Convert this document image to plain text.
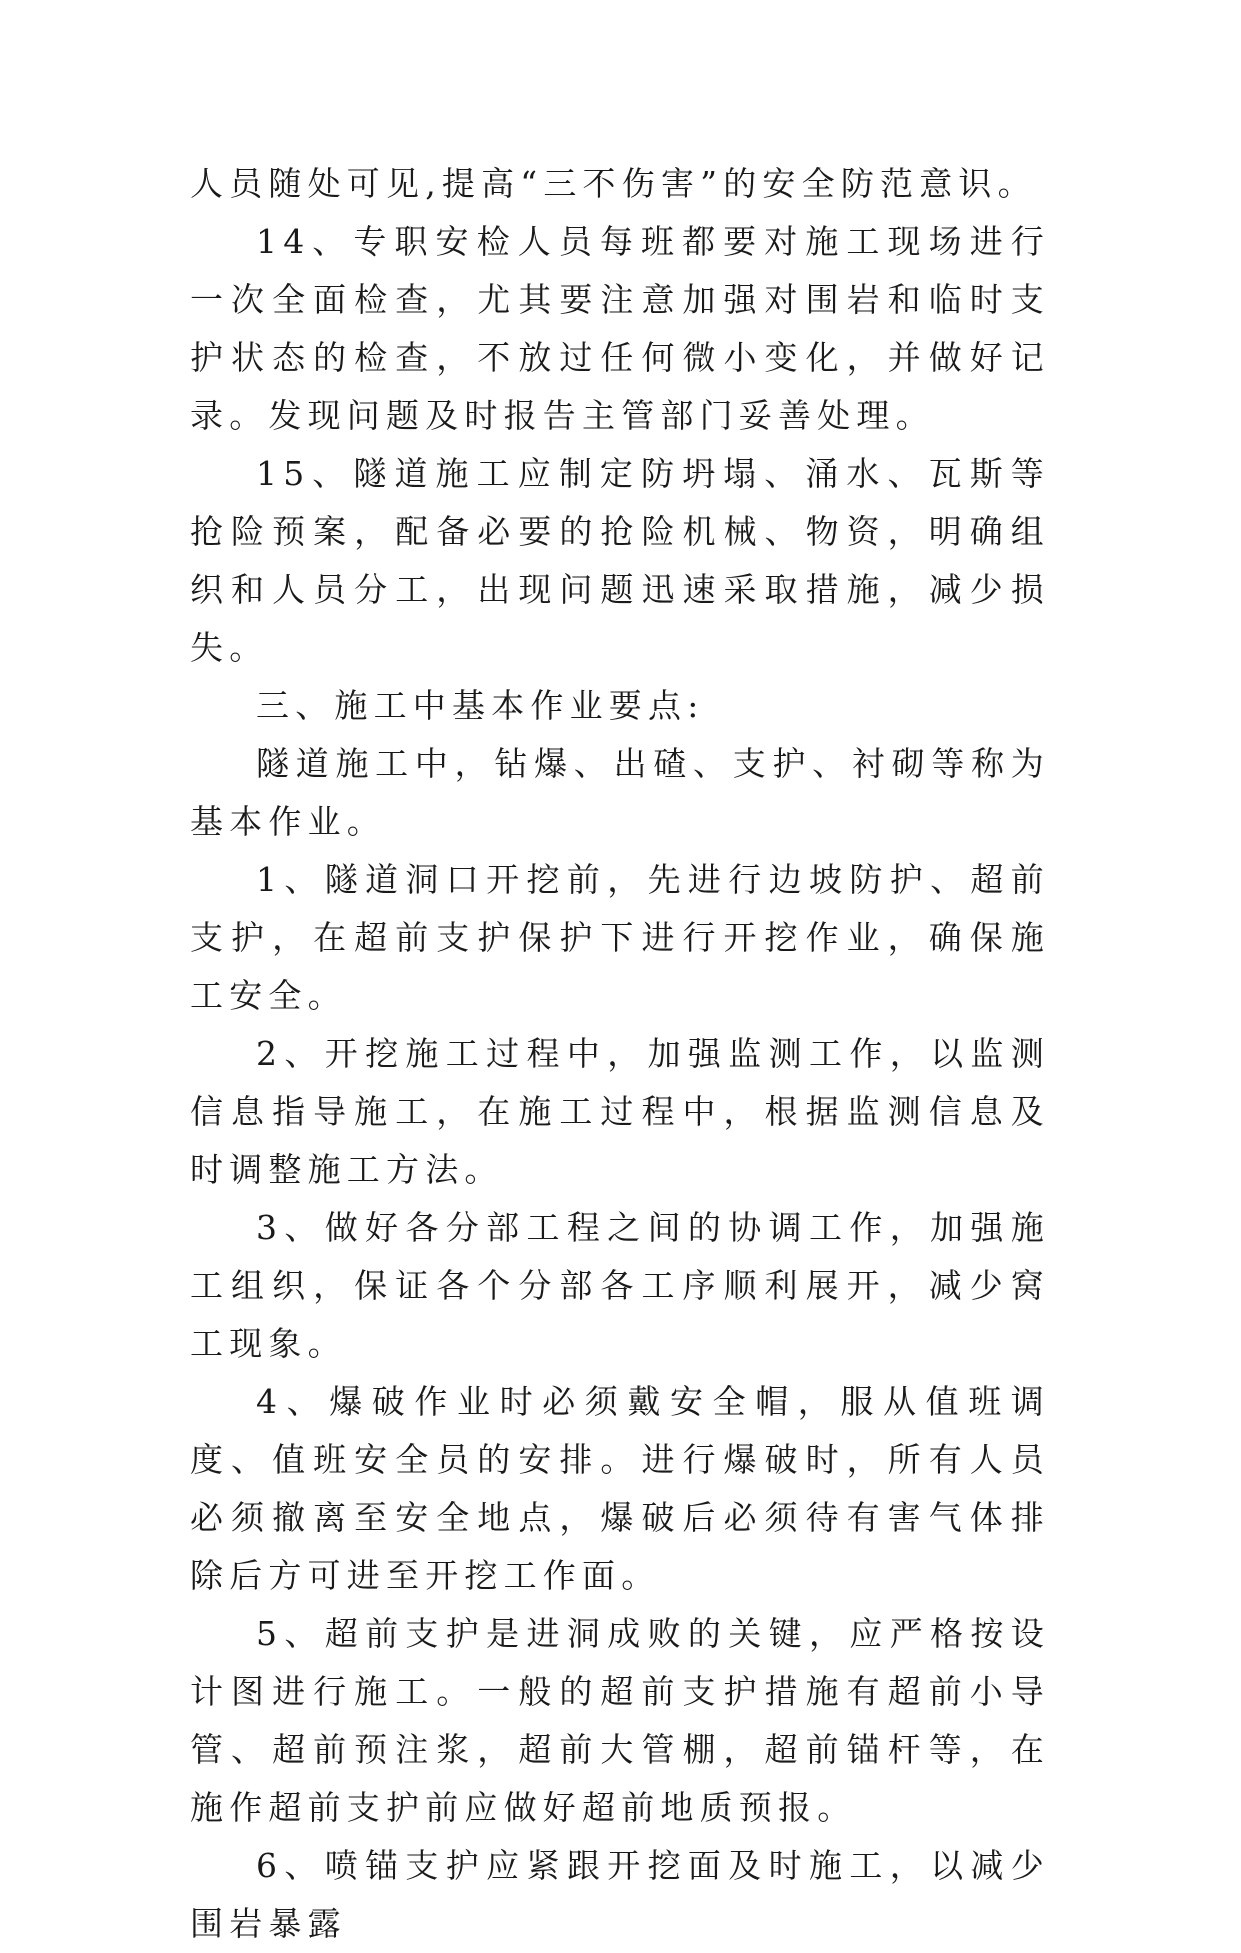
人员随处可见,提高“三不伤害”的安全防范意识。

14、专职安检人员每班都要对施工现场进行一次全面检查，尤其要注意加强对围岩和临时支护状态的检查，不放过任何微小变化，并做好记录。发现问题及时报告主管部门妥善处理。

15、隧道施工应制定防坍塌、涌水、瓦斯等抢险预案，配备必要的抢险机械、物资，明确组织和人员分工，出现问题迅速采取措施，减少损失。

三、施工中基本作业要点:

隧道施工中，钻爆、出碴、支护、衬砌等称为基本作业。

1、隧道洞口开挖前，先进行边坡防护、超前支护，在超前支护保护下进行开挖作业，确保施工安全。

2、开挖施工过程中，加强监测工作，以监测信息指导施工，在施工过程中，根据监测信息及时调整施工方法。

3、做好各分部工程之间的协调工作，加强施工组织，保证各个分部各工序顺利展开，减少窝工现象。

4、爆破作业时必须戴安全帽，服从值班调度、值班安全员的安排。进行爆破时，所有人员必须撤离至安全地点，爆破后必须待有害气体排除后方可进至开挖工作面。

5、超前支护是进洞成败的关键，应严格按设计图进行施工。一般的超前支护措施有超前小导管、超前预注浆，超前大管棚，超前锚杆等，在施作超前支护前应做好超前地质预报。

6、喷锚支护应紧跟开挖面及时施工，以减少围岩暴露
